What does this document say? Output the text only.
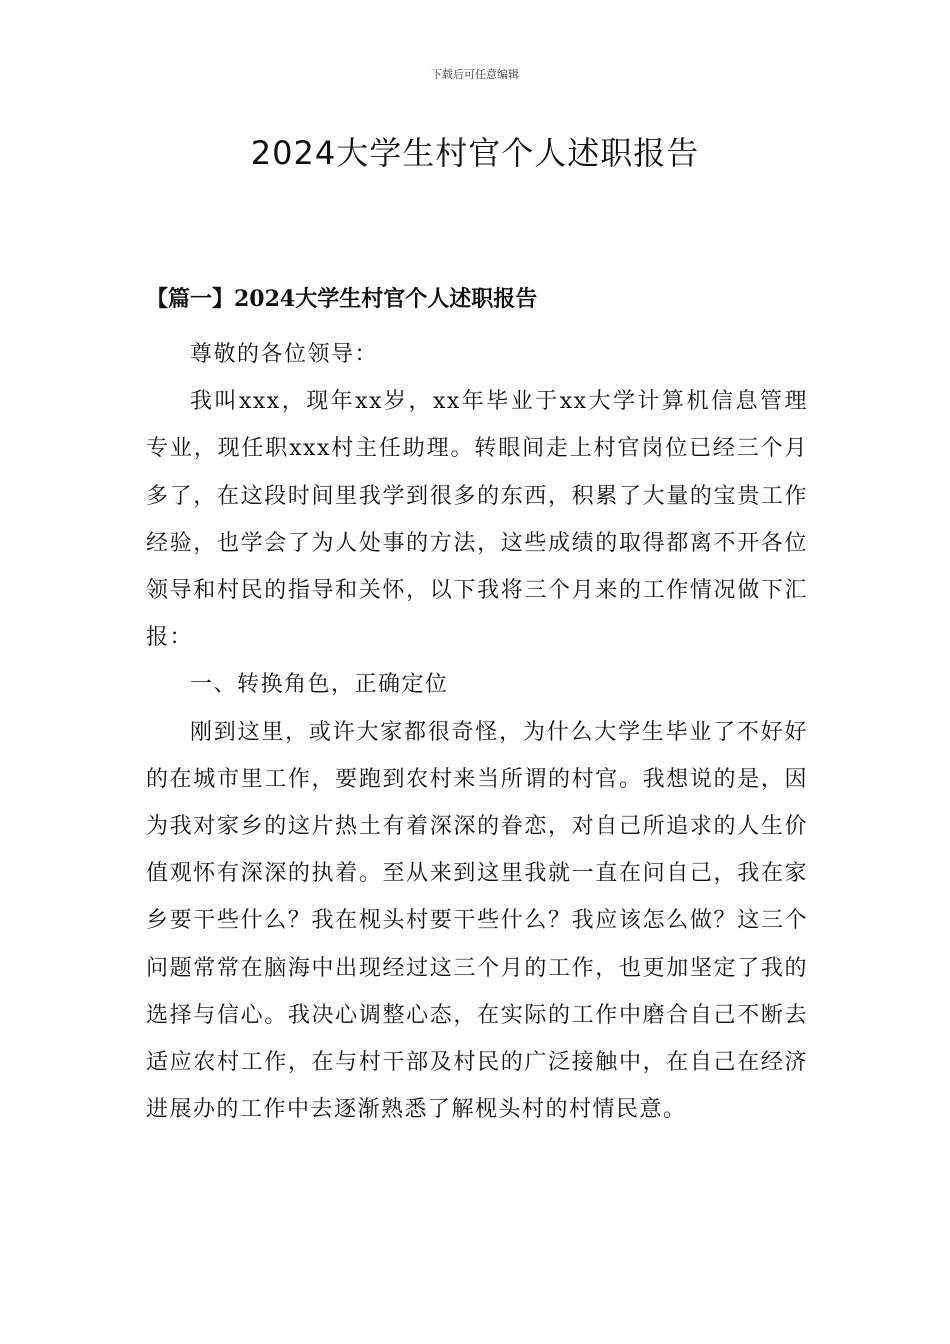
下载后可任意编辑
2024大学生村官个人述职报告
【篇一】2024大学生村官个人述职报告

尊敬的各位领导：

我叫xxx，现年xx岁，xx年毕业于xx大学计算机信息管理专业，现任职xxx村主任助理。转眼间走上村官岗位已经三个月多了，在这段时间里我学到很多的东西，积累了大量的宝贵工作经验，也学会了为人处事的方法，这些成绩的取得都离不开各位领导和村民的指导和关怀，以下我将三个月来的工作情况做下汇报：

一、转换角色，正确定位

刚到这里，或许大家都很奇怪，为什么大学生毕业了不好好的在城市里工作，要跑到农村来当所谓的村官。我想说的是，因为我对家乡的这片热土有着深深的眷恋，对自己所追求的人生价值观怀有深深的执着。至从来到这里我就一直在问自己，我在家乡要干些什么？我在枧头村要干些什么？我应该怎么做？这三个问题常常在脑海中出现经过这三个月的工作，也更加坚定了我的选择与信心。我决心调整心态，在实际的工作中磨合自己不断去适应农村工作，在与村干部及村民的广泛接触中，在自己在经济进展办的工作中去逐渐熟悉了解枧头村的村情民意。
